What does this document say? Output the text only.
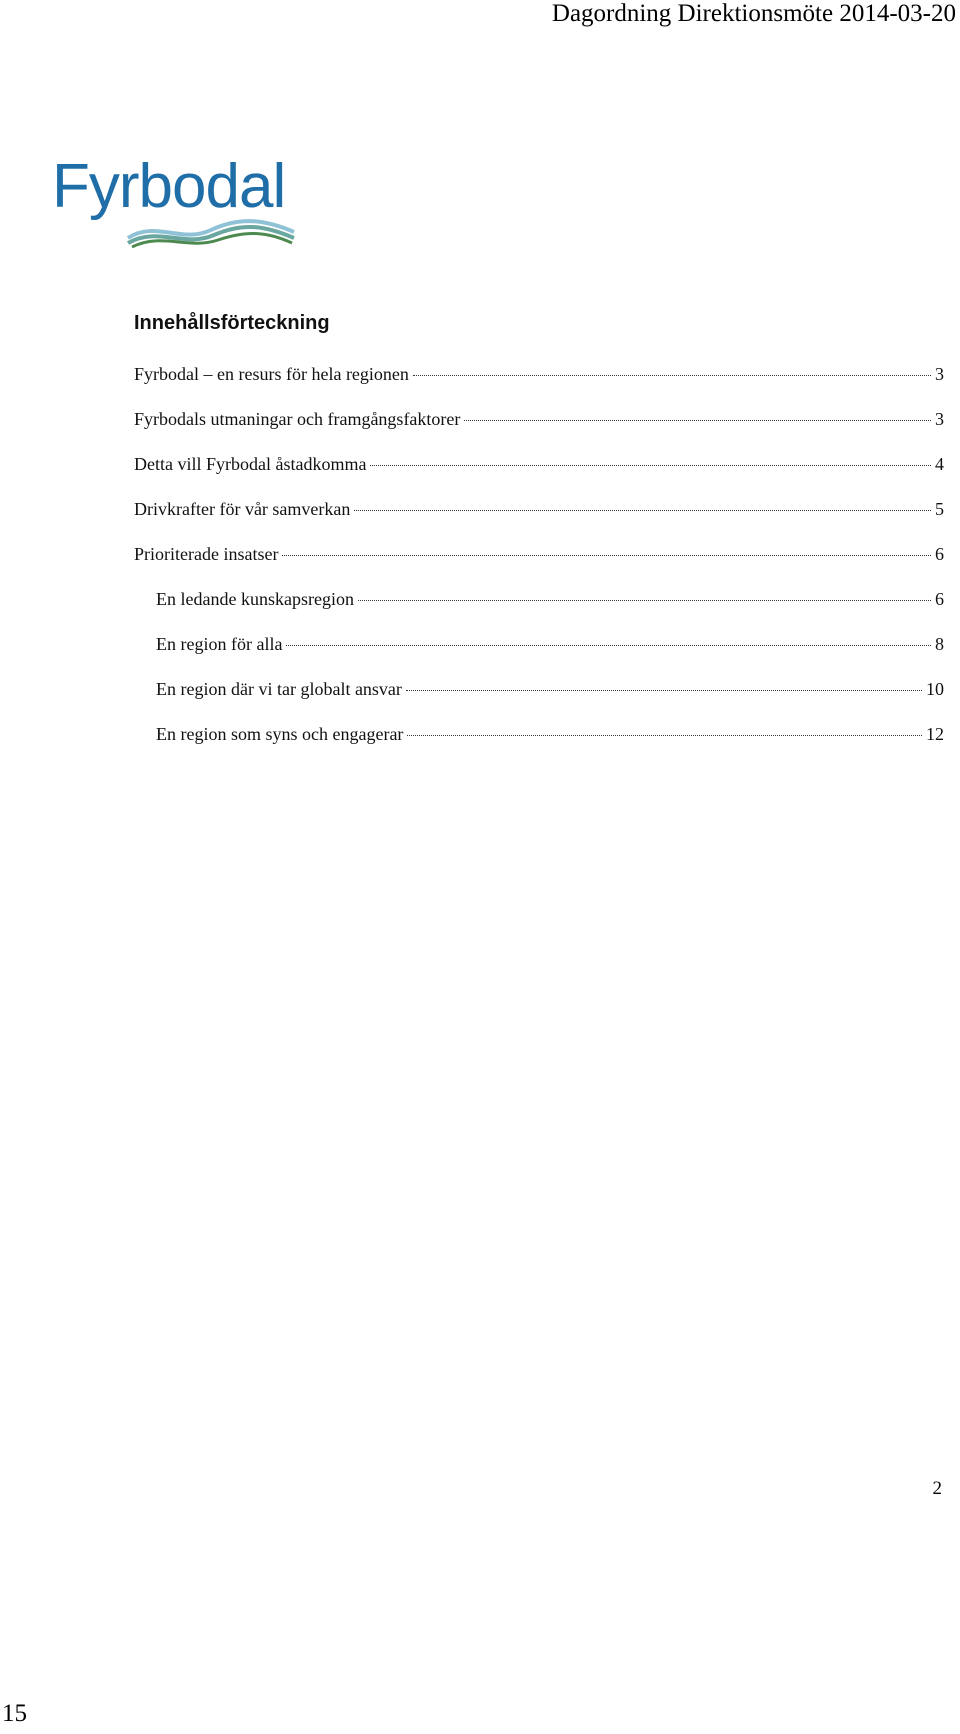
Dagordning Direktionsmöte 2014-03-20
Fyrbodal
Innehållsförteckning
Fyrbodal – en resurs för hela regionen	3
Fyrbodals utmaningar och framgångsfaktorer	3
Detta vill Fyrbodal åstadkomma	4
Drivkrafter för vår samverkan	5
Prioriterade insatser	6
En ledande kunskapsregion	6
En region för alla	8
En region där vi tar globalt ansvar	10
En region som syns och engagerar	12
2
15
